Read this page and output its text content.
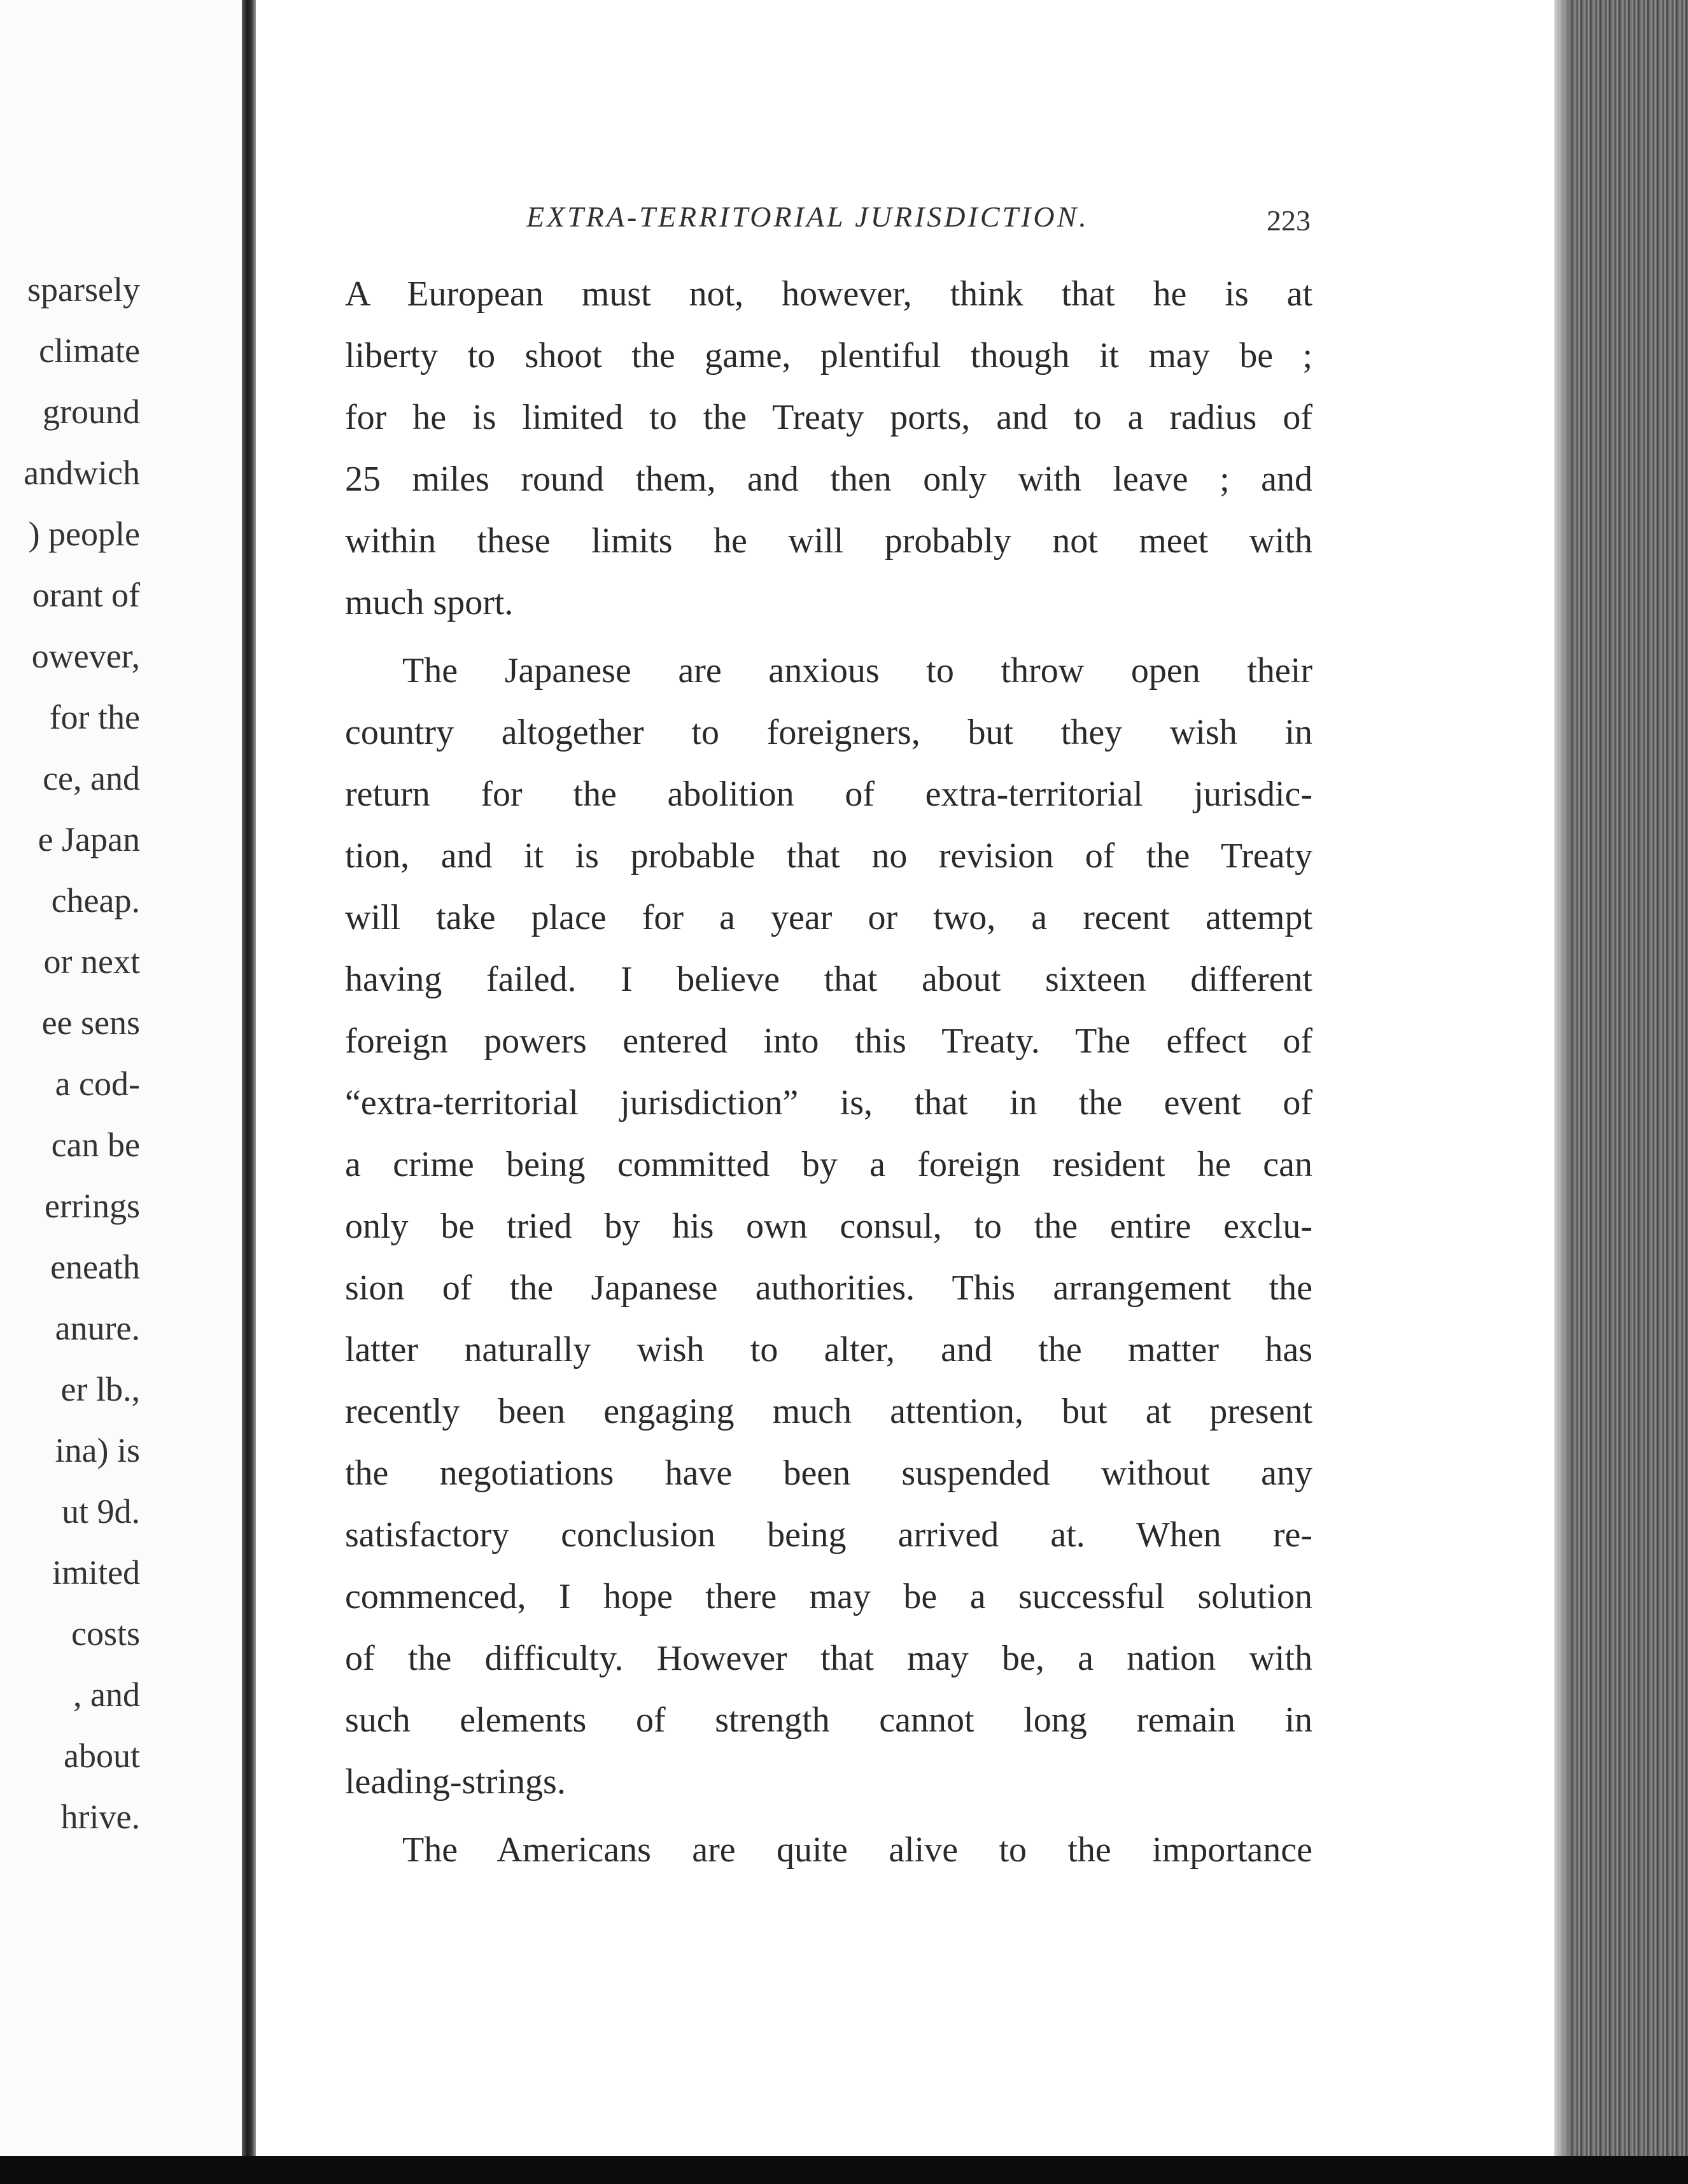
sparsely
climate
ground
andwich
) people
orant of
owever,
for the
ce, and
e Japan
cheap.
or next
ee sens
a cod-
can be
errings
eneath
anure.
er lb.,
ina) is
ut 9d.
imited
costs
, and
about
hrive.
EXTRA-TERRITORIAL JURISDICTION.	223
A European must not, however, think that he is at
liberty to shoot the game, plentiful though it may be ;
for he is limited to the Treaty ports, and to a radius of
25 miles round them, and then only with leave ; and
within these limits he will probably not meet with
much sport.
The Japanese are anxious to throw open their
country altogether to foreigners, but they wish in
return for the abolition of extra-territorial jurisdic-
tion, and it is probable that no revision of the Treaty
will take place for a year or two, a recent attempt
having failed. I believe that about sixteen different
foreign powers entered into this Treaty. The effect of
“extra-territorial jurisdiction” is, that in the event of
a crime being committed by a foreign resident he can
only be tried by his own consul, to the entire exclu-
sion of the Japanese authorities. This arrangement the
latter naturally wish to alter, and the matter has
recently been engaging much attention, but at present
the negotiations have been suspended without any
satisfactory conclusion being arrived at. When re-
commenced, I hope there may be a successful solution
of the difficulty. However that may be, a nation with
such elements of strength cannot long remain in
leading-strings.
The Americans are quite alive to the importance
